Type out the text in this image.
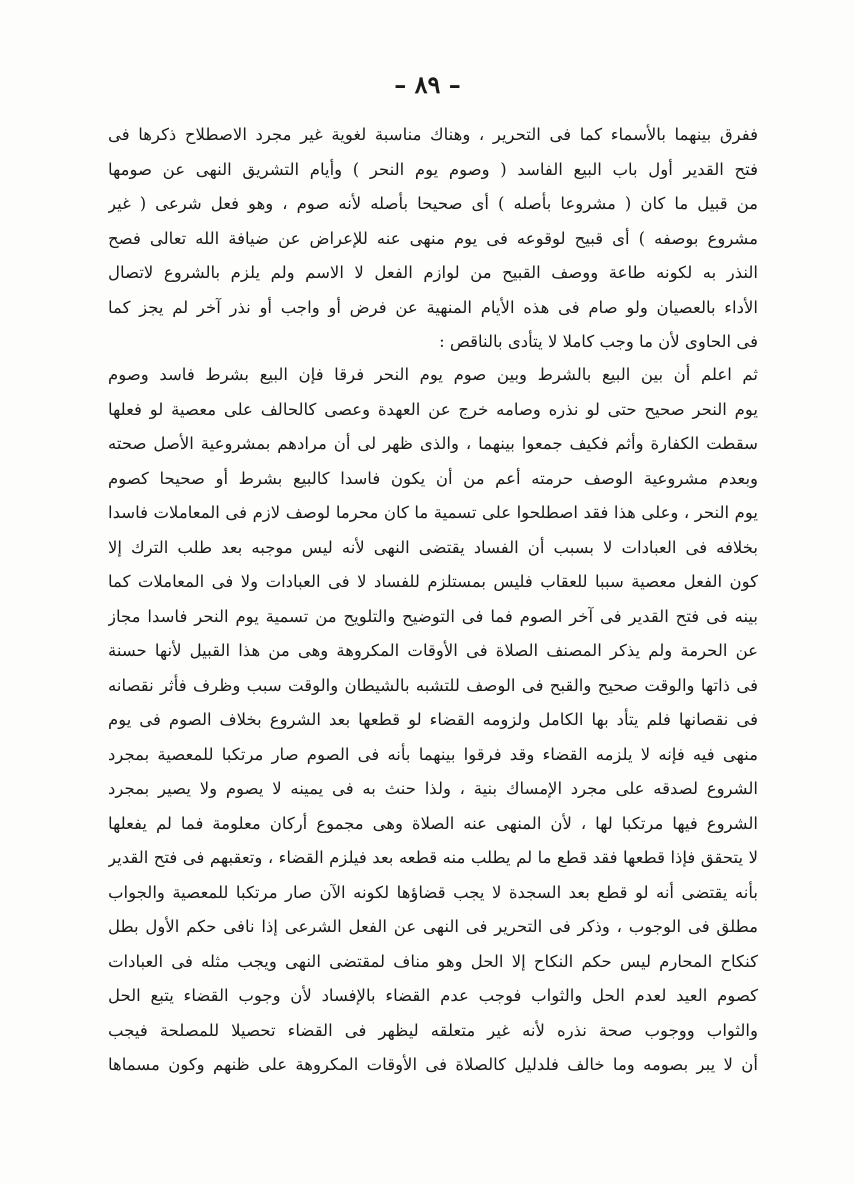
– ٨٩ –
ففرق بينهما بالأسماء كما فى التحرير ، وهناك مناسبة لغوية غير مجرد الاصطلاح ذكرها فى
فتح القدير أول باب البيع الفاسد ( وصوم يوم النحر ) وأيام التشريق النهى عن صومها
من قبيل ما كان ( مشروعا بأصله ) أى صحيحا بأصله لأنه صوم ، وهو فعل شرعى ( غير
مشروع بوصفه ) أى قبيح لوقوعه فى يوم منهى عنه للإعراض عن ضيافة الله تعالى فصح
النذر به لكونه طاعة ووصف القبيح من لوازم الفعل لا الاسم ولم يلزم بالشروع لاتصال
الأداء بالعصيان ولو صام فى هذه الأيام المنهية عن فرض أو واجب أو نذر آخر لم يجز كما
فى الحاوى لأن ما وجب كاملا لا يتأدى بالناقص :
ثم اعلم أن بين البيع بالشرط وبين صوم يوم النحر فرقا فإن البيع بشرط فاسد وصوم
يوم النحر صحيح حتى لو نذره وصامه خرج عن العهدة وعصى كالحالف على معصية لو فعلها
سقطت الكفارة وأثم فكيف جمعوا بينهما ، والذى ظهر لى أن مرادهم بمشروعية الأصل صحته
وبعدم مشروعية الوصف حرمته أعم من أن يكون فاسدا كالبيع بشرط أو صحيحا كصوم
يوم النحر ، وعلى هذا فقد اصطلحوا على تسمية ما كان محرما لوصف لازم فى المعاملات فاسدا
بخلافه فى العبادات لا بسبب أن الفساد يقتضى النهى لأنه ليس موجبه بعد طلب الترك إلا
كون الفعل معصية سببا للعقاب فليس بمستلزم للفساد لا فى العبادات ولا فى المعاملات كما
بينه فى فتح القدير فى آخر الصوم فما فى التوضيح والتلويح من تسمية يوم النحر فاسدا مجاز
عن الحرمة ولم يذكر المصنف الصلاة فى الأوقات المكروهة وهى من هذا القبيل لأنها حسنة
فى ذاتها والوقت صحيح والقبح فى الوصف للتشبه بالشيطان والوقت سبب وظرف فأثر نقصانه
فى نقصانها فلم يتأد بها الكامل ولزومه القضاء لو قطعها بعد الشروع بخلاف الصوم فى يوم
منهى فيه فإنه لا يلزمه القضاء وقد فرقوا بينهما بأنه فى الصوم صار مرتكبا للمعصية بمجرد
الشروع لصدقه على مجرد الإمساك بنية ، ولذا حنث به فى يمينه لا يصوم ولا يصير بمجرد
الشروع فيها مرتكبا لها ، لأن المنهى عنه الصلاة وهى مجموع أركان معلومة فما لم يفعلها
لا يتحقق فإذا قطعها فقد قطع ما لم يطلب منه قطعه بعد فيلزم القضاء ، وتعقبهم فى فتح القدير
بأنه يقتضى أنه لو قطع بعد السجدة لا يجب قضاؤها لكونه الآن صار مرتكبا للمعصية والجواب
مطلق فى الوجوب ، وذكر فى التحرير فى النهى عن الفعل الشرعى إذا نافى حكم الأول بطل
كنكاح المحارم ليس حكم النكاح إلا الحل وهو مناف لمقتضى النهى ويجب مثله فى العبادات
كصوم العيد لعدم الحل والثواب فوجب عدم القضاء بالإفساد لأن وجوب القضاء يتبع الحل
والثواب ووجوب صحة نذره لأنه غير متعلقه ليظهر فى القضاء تحصيلا للمصلحة فيجب
أن لا يبر بصومه وما خالف فلدليل كالصلاة فى الأوقات المكروهة على ظنهم وكون مسماها
